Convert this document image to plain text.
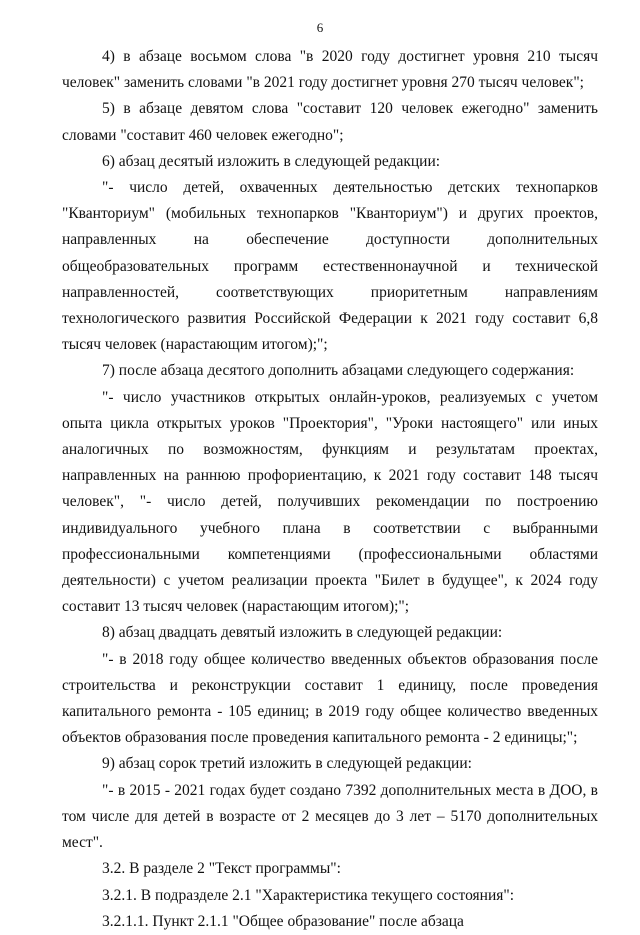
6

4) в абзаце восьмом слова "в 2020 году достигнет уровня 210 тысяч человек" заменить словами "в 2021 году достигнет уровня 270 тысяч человек";

5) в абзаце девятом слова "составит 120 человек ежегодно" заменить словами "составит 460 человек ежегодно";

6) абзац десятый изложить в следующей редакции:

"- число детей, охваченных деятельностью детских технопарков "Кванториум" (мобильных технопарков "Кванториум") и других проектов, направленных на обеспечение доступности дополнительных общеобразовательных программ естественнонаучной и технической направленностей, соответствующих приоритетным направлениям технологического развития Российской Федерации к 2021 году составит 6,8 тысяч человек (нарастающим итогом);";

7) после абзаца десятого дополнить абзацами следующего содержания:

"- число участников открытых онлайн-уроков, реализуемых с учетом опыта цикла открытых уроков "Проектория", "Уроки настоящего" или иных аналогичных по возможностям, функциям и результатам проектах, направленных на раннюю профориентацию, к 2021 году составит 148 тысяч человек", "- число детей, получивших рекомендации по построению индивидуального учебного плана в соответствии с выбранными профессиональными компетенциями (профессиональными областями деятельности) с учетом реализации проекта "Билет в будущее", к 2024 году составит 13 тысяч человек (нарастающим итогом);";

8) абзац двадцать девятый изложить в следующей редакции:

"- в 2018 году общее количество введенных объектов образования после строительства и реконструкции составит 1 единицу, после проведения капитального ремонта - 105 единиц; в 2019 году общее количество введенных объектов образования после проведения капитального ремонта - 2 единицы;";

9) абзац сорок третий изложить в следующей редакции:

"- в 2015 - 2021 годах будет создано 7392 дополнительных места в ДОО, в том числе для детей в возрасте от 2 месяцев до 3 лет – 5170 дополнительных мест".

3.2. В разделе 2 "Текст программы":

3.2.1. В подразделе 2.1 "Характеристика текущего состояния":

3.2.1.1. Пункт 2.1.1 "Общее образование" после абзаца
